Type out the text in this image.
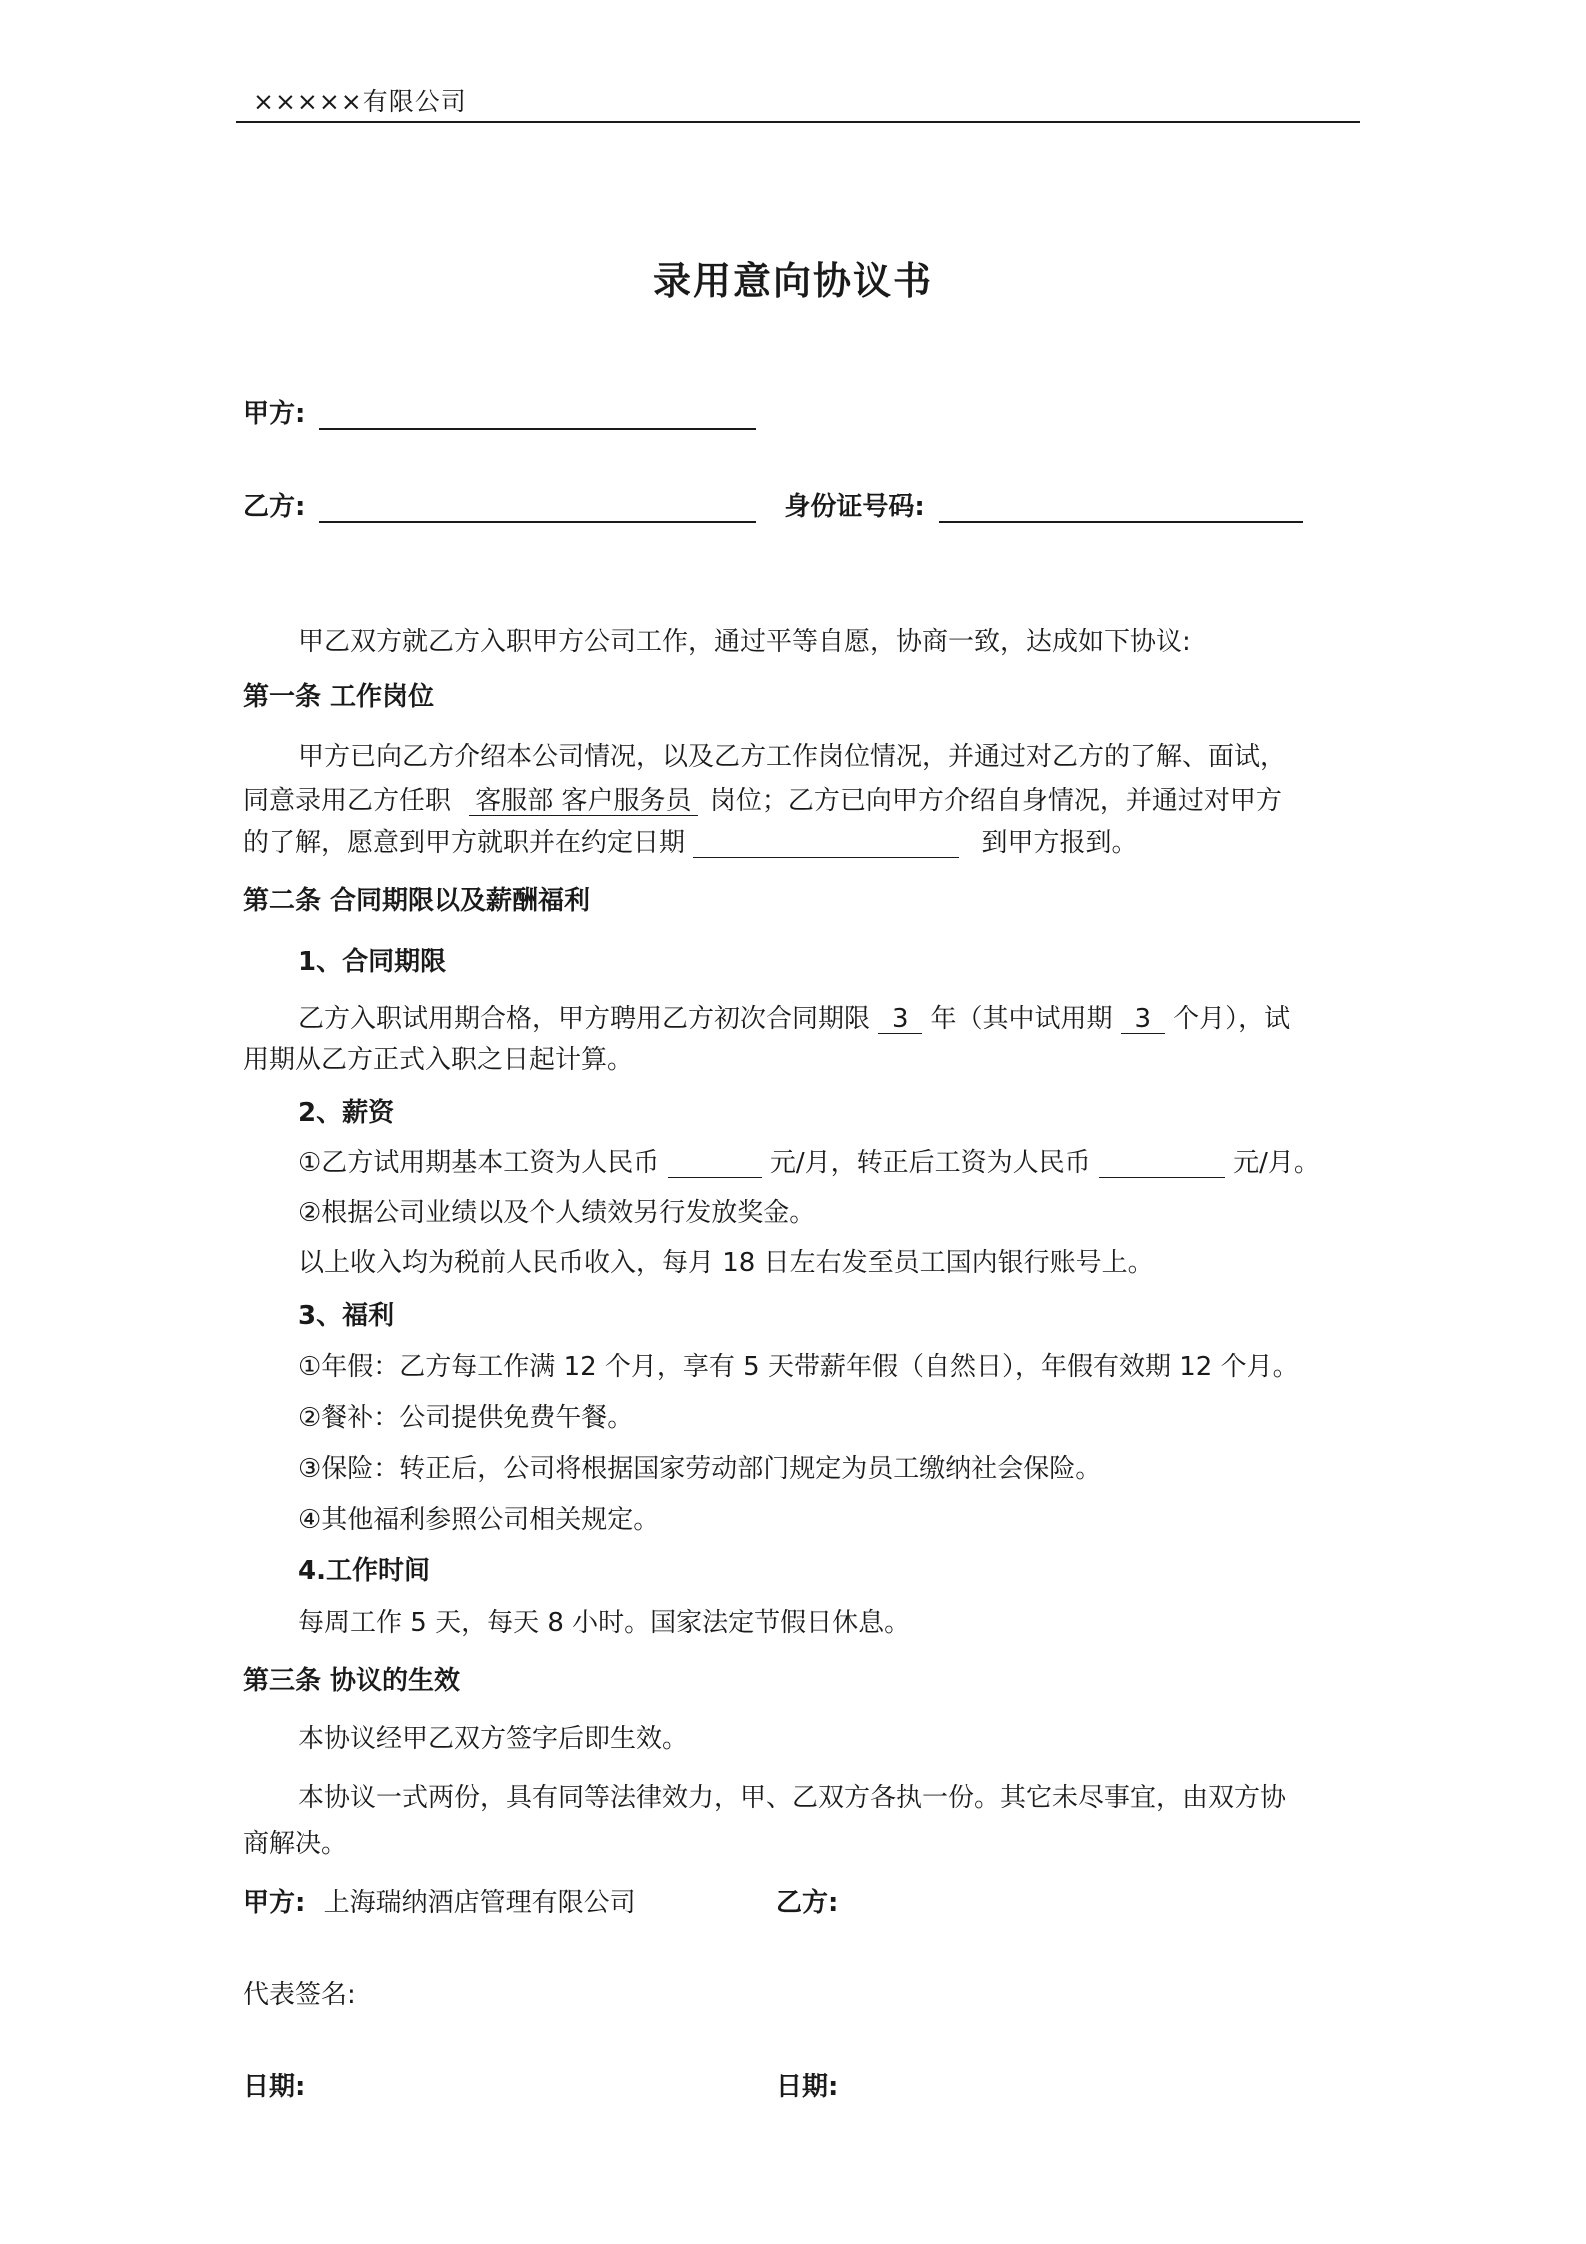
×××××有限公司
录用意向协议书
甲方:
乙方:	身份证号码:
甲乙双方就乙方入职甲方公司工作，通过平等自愿，协商一致，达成如下协议:
第一条 工作岗位
甲方已向乙方介绍本公司情况，以及乙方工作岗位情况，并通过对乙方的了解、面试，
同意录用乙方任职 客服部 客户服务员 岗位；乙方已向甲方介绍自身情况，并通过对甲方
的了解，愿意到甲方就职并在约定日期	到甲方报到。
第二条 合同期限以及薪酬福利
1、合同期限
乙方入职试用期合格，甲方聘用乙方初次合同期限 3 年（其中试用期 3 个月），试
用期从乙方正式入职之日起计算。
2、薪资
①乙方试用期基本工资为人民币	元/月，转正后工资为人民币	元/月。
②根据公司业绩以及个人绩效另行发放奖金。
以上收入均为税前人民币收入，每月 18 日左右发至员工国内银行账号上。
3、福利
①年假：乙方每工作满 12 个月，享有 5 天带薪年假（自然日），年假有效期 12 个月。
②餐补：公司提供免费午餐。
③保险：转正后，公司将根据国家劳动部门规定为员工缴纳社会保险。
④其他福利参照公司相关规定。
4.工作时间
每周工作 5 天，每天 8 小时。国家法定节假日休息。
第三条 协议的生效
本协议经甲乙双方签字后即生效。
本协议一式两份，具有同等法律效力，甲、乙双方各执一份。其它未尽事宜，由双方协
商解决。
甲方: 上海瑞纳酒店管理有限公司	乙方:
代表签名:
日期:	日期:
